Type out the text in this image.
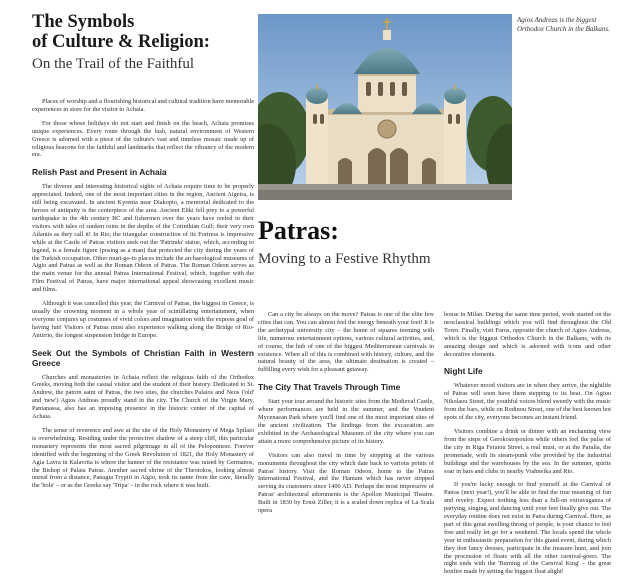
The Symbols
of Culture & Religion:
On the Trail of the Faithful

Places of worship and a flourishing historical and cultural tradition have memorable experiences in store for the visitor to Achaia.

For those whose holidays do not start and finish on the beach, Achaia promises unique experiences. Every route through the lush, natural environment of Western Greece is adorned with a piece of the culture's vast and timeless mosaic made up of religious beacons for the faithful and landmarks that reflect the vibrancy of the modern era.

Relish Past and Present in Achaia

The diverse and interesting historical sights of Achaia require time to be properly appreciated. Indeed, one of the most important cities in the region, Ancient Aigeira, is still being excavated. In ancient Kyrenia near Diakopto, a memorial dedicated to the heroes of antiquity is the centerpiece of the area. Ancient Eliki fell prey to a powerful earthquake in the 4th century BC and fishermen over the years have reeled in their visitors with tales of sunken ruins in the depths of the Corinthian Gulf; their very own Atlantis as they call it! In Rio, the triangular construction of its Fortress is impressive while at the Castle of Patras visitors seek out the 'Patrinda' statue, which, according to legend, is a female figure (posing as a man) that protected the city during the years of the Turkish occupation. Other must-go-to places include the archaeological museums of Aigio and Patras as well as the Roman Odeon of Patras. The Roman Odeon serves as the main venue for the annual Patras International Festival, which, together with the Film Festival of Patras, have major international appeal showcasing excellent music and films.

Although it was cancelled this year, the Carnival of Patras, the biggest in Greece, is usually the crowning moment in a whole year of scintillating entertainment, when everyone conjures up costumes of vivid colors and imagination with the express goal of having fun! Visitors of Patras must also experience walking along the Bridge of Rio-Antirrio, the longest suspension bridge in Europe.

Seek Out the Symbols of Christian Faith in Western Greece

Churches and monasteries in Achaia reflect the religious faith of the Orthodox Greeks, moving both the casual visitor and the student of their history. Dedicated to St. Andrew, the patron saint of Patras, the two sites, the churches Palaios and Neos ('old' and 'new') Agios Andreas proudly stand in the city. The Church of the Virgin Mary, Pantanassa, also has an imposing presence in the historic center of the capital of Achaia.

The sense of reverence and awe at the site of the Holy Monastery of Mega Spilaio is overwhelming. Residing under the protective shadow of a steep cliff, this particular monastery represents the most sacred pilgrimage in all of the Peloponnese. Forever identified with the beginning of the Greek Revolution of 1821, the Holy Monastery of Agia Lavra in Kalavrita is where the banner of the resistance was raised by Germanos, the Bishop of Palaia Patras. Another sacred shrine of the Theotokos, looking almost unreal from a distance, Panagia Trypiti in Aigio, took its name from the cave, literally the 'hole' – or as the Greeks say 'Tripa' – in the rock where it was built.

Agios Andreas is the biggest Orthodox Church in the Balkans.
Patras:
Moving to a Festive Rhythm

Can a city be always on the move? Patras is one of the elite few cities that can. You can almost feel the energy beneath your feet! It is the archetypal university city – the home of squares teeming with life, numerous entertainment options, various cultural activities, and, of course, the hub of one of the biggest Mediterranean carnivals in existence. When all of this is combined with history, culture, and the natural beauty of the area, the ultimate destination is created – fulfilling every wish for a pleasant getaway.

The City That Travels Through Time

Start your tour around the historic sites from the Medieval Castle, where performances are held in the summer, and the Voudeni Mycenaean Park where you'll find one of the most important sites of the ancient civilization. The findings from the excavation are exhibited in the Archaeological Museum of the city where you can attain a more comprehensive picture of its history.

Visitors can also travel in time by stopping at the various monuments throughout the city which date back to various points of Patras' history. Visit the Roman Odeon, home to the Patras International Festival, and the Hamam which has never stopped serving its customers since 1400 AD. Perhaps the most impressive of Patras' architectural adornments is the Apollon Municipal Theatre. Built in 1830 by Ernst Ziller, it is a scaled down replica of La Scala opera

house in Milan. During the same time period, work started on the neoclassical buildings which you will find throughout the Old Town. Finally, visit Faros, opposite the church of Agios Andreas, which is the biggest Orthodox Church in the Balkans, with its amazing design and which is adorned with icons and other decorative elements.

Night Life

Whatever mood visitors are in when they arrive, the nightlife of Patras will soon have them stepping to its beat. On Agiou Nikolaou Street, the youthful voices blend sweetly with the music from the bars, while on Rodinou Street, one of the best known hot spots of the city, everyone becomes an instant friend.

Visitors combine a drink or dinner with an enchanting view from the steps of Gerokostopoulou while others feel the pulse of the city in Riga Feraiou Street, a real must, or at the Paralia, the promenade, with its steam-punk vibe provided by the industrial buildings and the warehouses by the sea. In the summer, spirits soar in bars and clubs in nearby Vrahneika and Rio.

If you're lucky enough to find yourself at the Carnival of Patras (next year!), you'll be able to find the true meaning of fun and revelry. Expect nothing less than a full-on extravaganza of partying, singing, and dancing until your feet finally give out. The everyday routine does not exist in Patra during Carnival. Here, as part of this great swelling throng of people, is your chance to feel free and really let go for a weekend. The locals spend the whole year in enthusiastic preparation for this grand event, during which they don fancy dresses, participate in the treasure hunt, and join the procession of floats with all the other carnival-goers. The night ends with the 'Burning of the Carnival King' – the great bonfire made by setting the biggest float alight!
